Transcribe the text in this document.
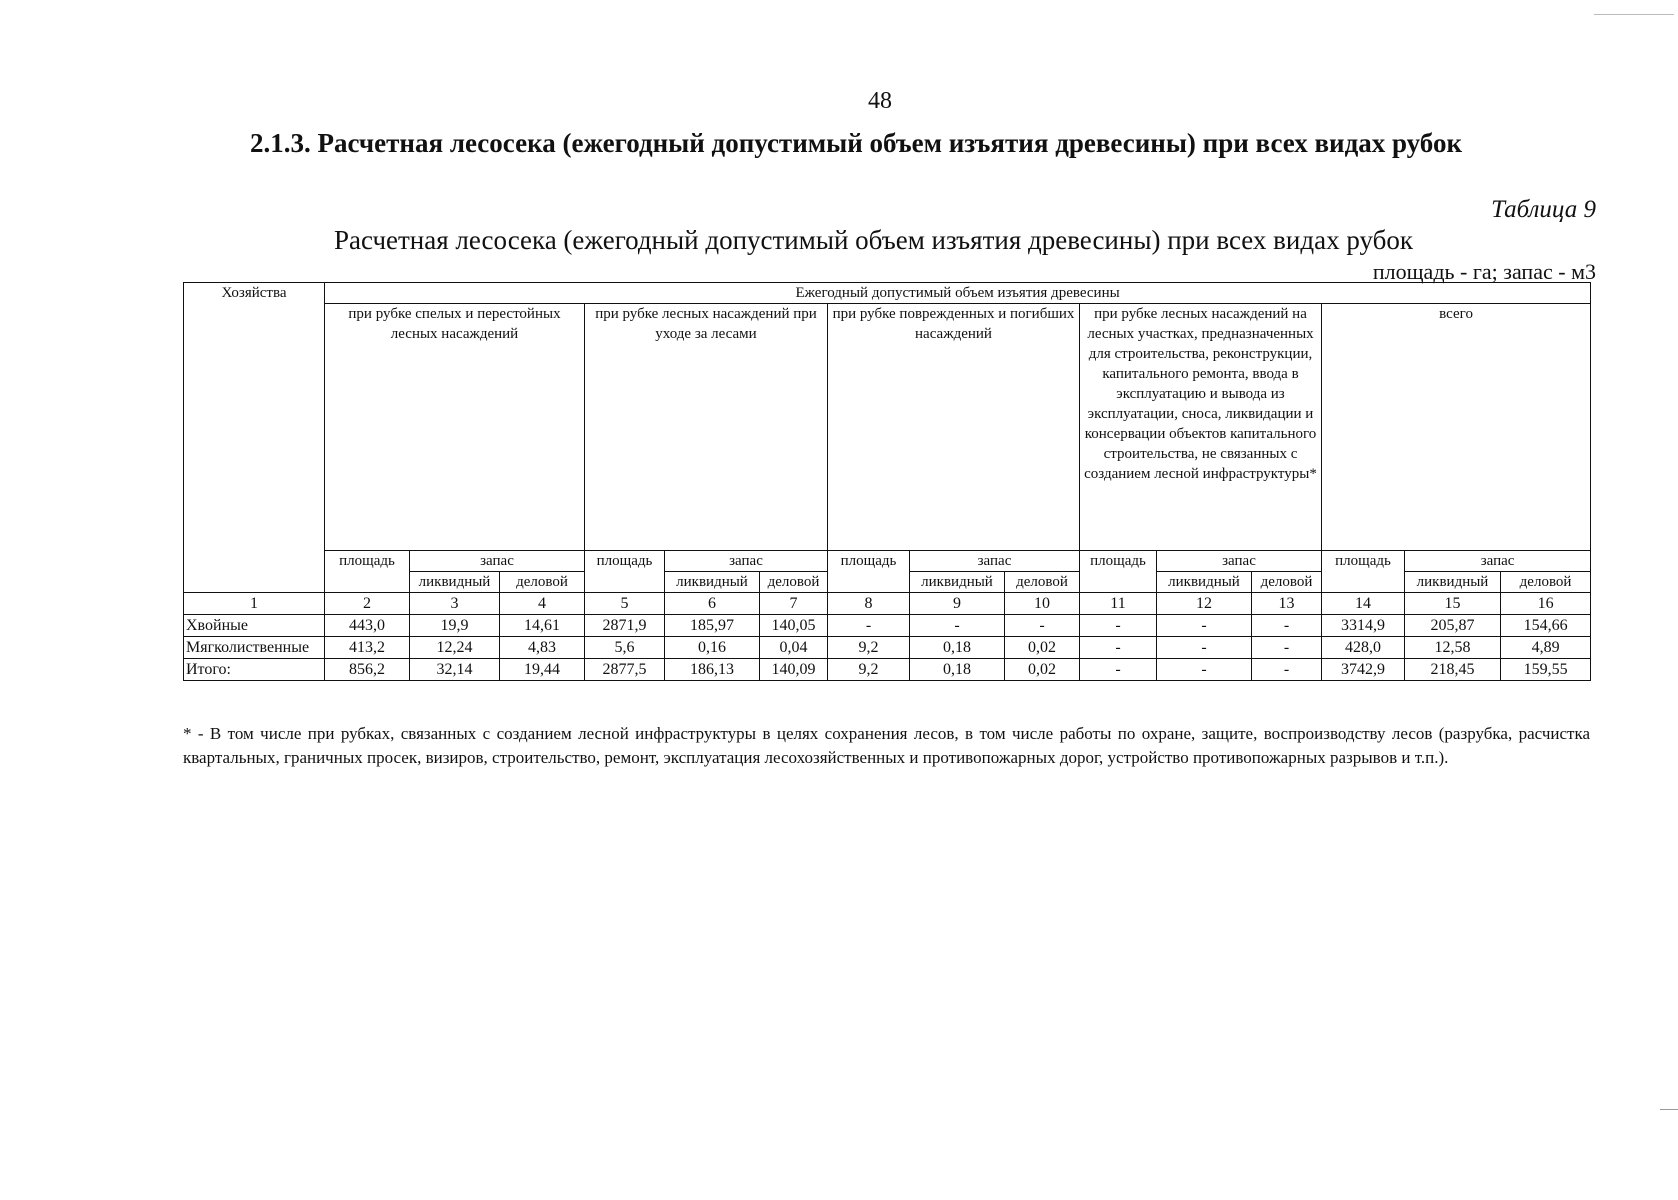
48
2.1.3. Расчетная лесосека (ежегодный допустимый объем изъятия древесины) при всех видах рубок
Таблица 9
Расчетная лесосека (ежегодный допустимый объем изъятия древесины) при всех видах рубок
площадь - га; запас - м3
Хозяйства	Ежегодный допустимый объем изъятия древесины														
	при рубке спелых и перестойных лесных насаждений			при рубке лесных насаждений при уходе за лесами			при рубке поврежденных и погибших насаждений			при рубке лесных насаждений на лесных участках, предназначенных для строительства, реконструкции, капитального ремонта, ввода в эксплуатацию и вывода из эксплуатации, сноса, ликвидации и консервации объектов капитального строительства, не связанных с созданием лесной инфраструктуры*			всего		
	площадь	запас		площадь	запас		площадь	запас		площадь	запас		площадь	запас	
		ликвидный	деловой		ликвидный	деловой		ликвидный	деловой		ликвидный	деловой		ликвидный	деловой
1	2	3	4	5	6	7	8	9	10	11	12	13	14	15	16
Хвойные	443,0	19,9	14,61	2871,9	185,97	140,05	-	-	-	-	-	-	3314,9	205,87	154,66
Мягколиственные	413,2	12,24	4,83	5,6	0,16	0,04	9,2	0,18	0,02	-	-	-	428,0	12,58	4,89
Итого:	856,2	32,14	19,44	2877,5	186,13	140,09	9,2	0,18	0,02	-	-	-	3742,9	218,45	159,55
* - В том числе при рубках, связанных с созданием лесной инфраструктуры в целях сохранения лесов, в том числе работы по охране, защите, воспроизводству лесов (разрубка, расчистка квартальных, граничных просек, визиров, строительство, ремонт, эксплуатация лесохозяйственных и противопожарных дорог, устройство противопожарных разрывов и т.п.).
